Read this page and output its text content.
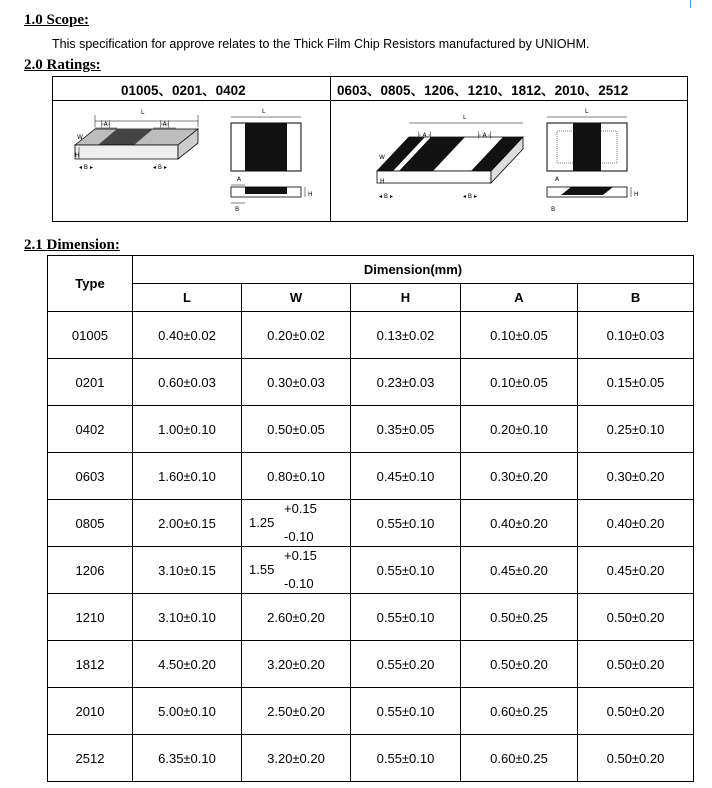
1.0 Scope:
This specification for approve relates to the Thick Film Chip Resistors manufactured by UNIOHM.
2.0 Ratings:
01005、0201、0402	0603、0805、1206、1210、1812、2010、2512
L
├A┤	├A┤
W
H
◂ B ▸	◂ B ▸
L
A
H
B
L
├ A ┤	├ A ┤
W
H
◂ B ▸	◂ B ▸
L
A
H
B
2.1 Dimension:
Type	Dimension(mm)				
	L	W	H	A	B
01005	0.40±0.02	0.20±0.02	0.13±0.02	0.10±0.05	0.10±0.03
0201	0.60±0.03	0.30±0.03	0.23±0.03	0.10±0.05	0.15±0.05
0402	1.00±0.10	0.50±0.05	0.35±0.05	0.20±0.10	0.25±0.10
0603	1.60±0.10	0.80±0.10	0.45±0.10	0.30±0.20	0.30±0.20
0805	2.00±0.15	1.25
+0.15
-0.10	0.55±0.10	0.40±0.20	0.40±0.20
1206	3.10±0.15	1.55
+0.15
-0.10	0.55±0.10	0.45±0.20	0.45±0.20
1210	3.10±0.10	2.60±0.20	0.55±0.10	0.50±0.25	0.50±0.20
1812	4.50±0.20	3.20±0.20	0.55±0.20	0.50±0.20	0.50±0.20
2010	5.00±0.10	2.50±0.20	0.55±0.10	0.60±0.25	0.50±0.20
2512	6.35±0.10	3.20±0.20	0.55±0.10	0.60±0.25	0.50±0.20
